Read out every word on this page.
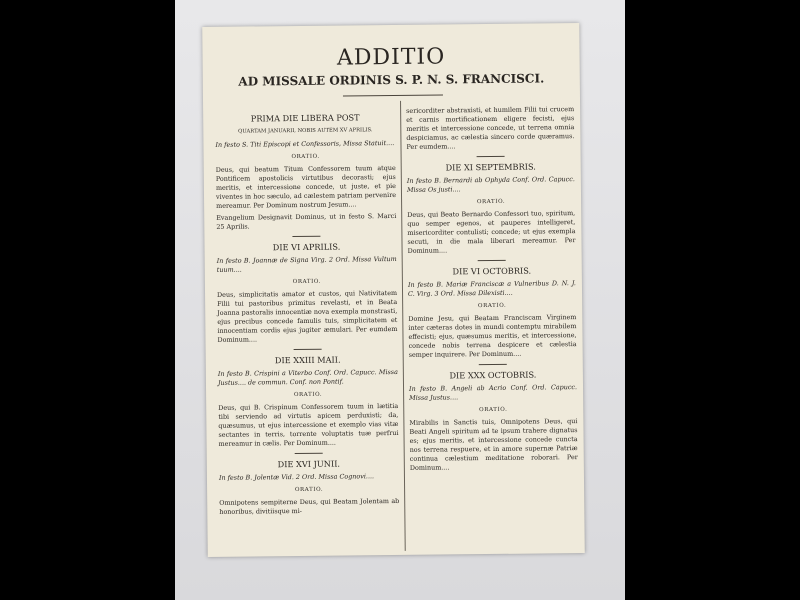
ADDITIO
AD MISSALE ORDINIS S. P. N. S. FRANCISCI.
PRIMA DIE LIBERA POST
QUARTAM JANUARII, NOBIS AUTEM XV APRILIS.

In festo S. Titi Episcopi et Confessoris, Missa Statuit....

ORATIO.

Deus, qui beatum Titum Confessorem tuum atque Pontificem apostolicis virtutibus decorasti; ejus meritis, et intercessione concede, ut juste, et pie viventes in hoc sæculo, ad cælestem patriam pervenire mereamur. Per Dominum nostrum Jesum....

Evangelium Designavit Dominus, ut in festo S. Marci 25 Aprilis.

DIE VI APRILIS.

In festo B. Joannæ de Signa Virg. 2 Ord. Missa Vultum tuum....

ORATIO.

Deus, simplicitatis amator et custos, qui Nativitatem Filii tui pastoribus primitus revelasti, et in Beata Joanna pastoralis innocentiæ nova exempla monstrasti, ejus precibus concede famulis tuis, simplicitatem et innocentiam cordis ejus jugiter æmulari. Per eumdem Dominum....

DIE XXIII MAII.

In festo B. Crispini a Viterbo Conf. Ord. Capucc. Missa Justus.... de commun. Conf. non Pontif.

ORATIO.

Deus, qui B. Crispinum Confessorem tuum in lætitia tibi serviendo ad virtutis apicem perduxisti; da, quæsumus, ut ejus intercessione et exemplo vias vitæ sectantes in terris, torrente voluptatis tuæ perfrui mereamur in cælis. Per Dominum....

DIE XVI JUNII.

In festo B. Jolentæ Vid. 2 Ord. Missa Cognovi....

ORATIO.

Omnipotens sempiterne Deus, qui Beatam Jolentam ab honoribus, divitiisque mi-

sericorditer abstraxisti, et humilem Filii tui crucem et carnis mortificationem eligere fecisti, ejus meritis et intercessione concede, ut terrena omnia despiciamus, ac cælestia sincero corde quæramus. Per eumdem....

DIE XI SEPTEMBRIS.

In festo B. Bernardi ab Ophyda Conf. Ord. Capucc. Missa Os justi....

ORATIO.

Deus, qui Beato Bernardo Confessori tuo, spiritum, quo semper egenos, et pauperes intelligeret, misericorditer contulisti; concede; ut ejus exempla secuti, in die mala liberari mereamur. Per Dominum....

DIE VI OCTOBRIS.

In festo B. Mariæ Franciscæ a Vulneribus D. N. J. C. Virg. 3 Ord. Missa Dilexisti....

ORATIO.

Domine Jesu, qui Beatam Franciscam Virginem inter cæteras dotes in mundi contemptu mirabilem effecisti; ejus, quæsumus meritis, et intercessione, concede nobis terrena despicere et cælestia semper inquirere. Per Dominum....

DIE XXX OCTOBRIS.

In festo B. Angeli ab Acrio Conf. Ord. Capucc. Missa Justus....

ORATIO.

Mirabilis in Sanctis tuis, Omnipotens Deus, qui Beati Angeli spiritum ad te ipsum trahere dignatus es; ejus meritis, et intercessione concede cuncta nos terrena respuere, et in amore supernæ Patriæ continua cælestium meditatione roborari. Per Dominum....
